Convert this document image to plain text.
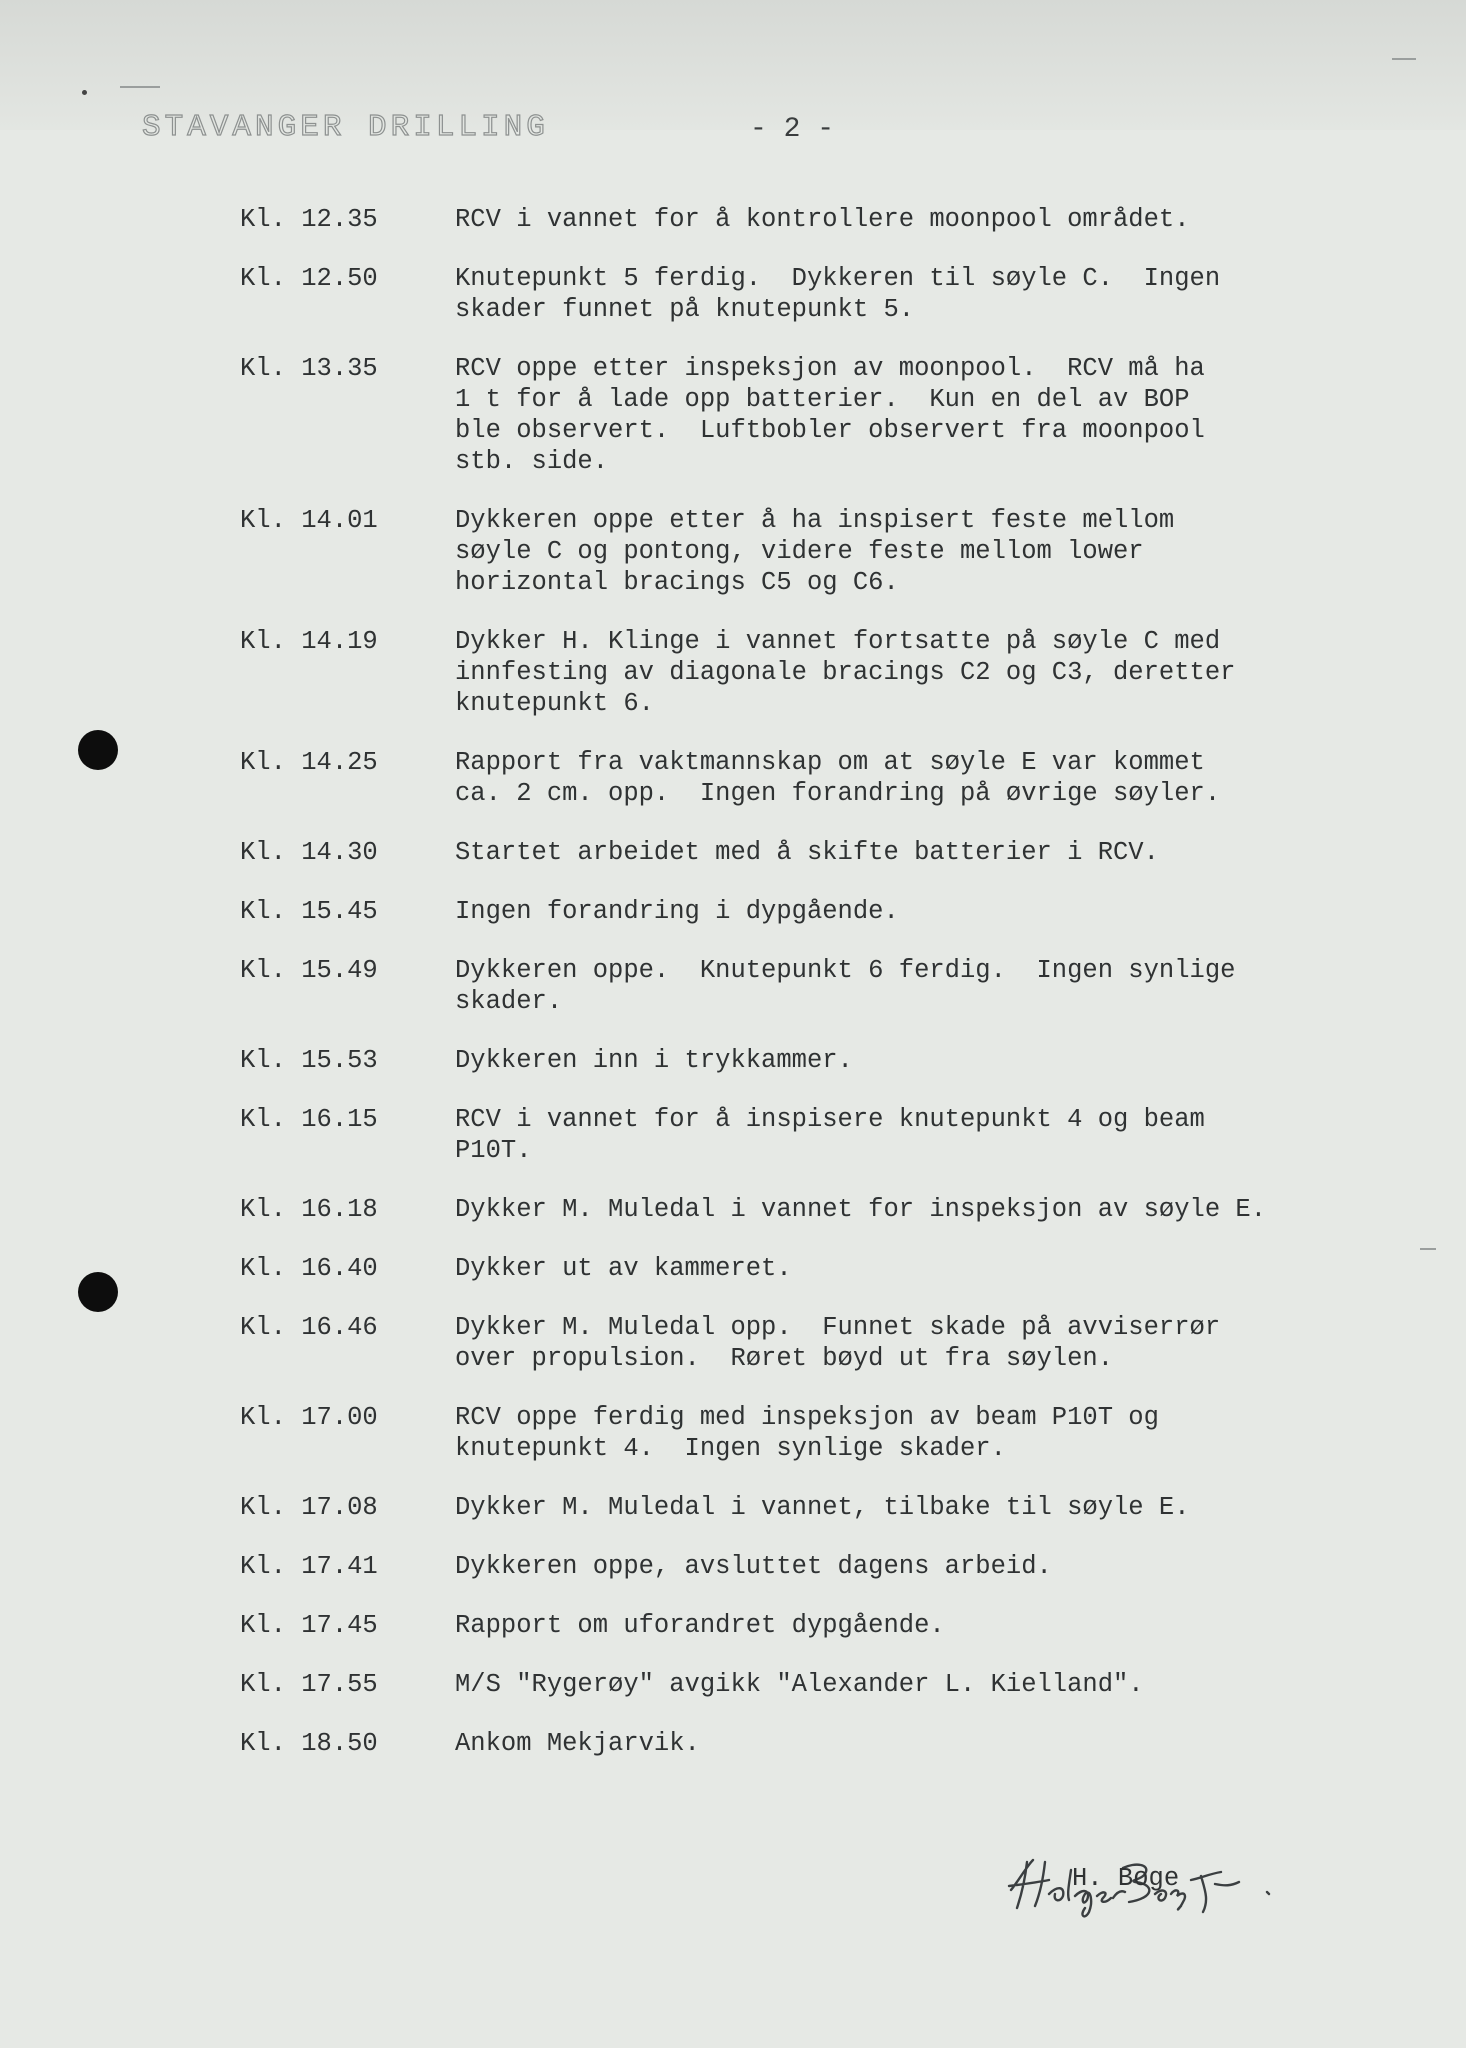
STAVANGER DRILLING	- 2 -
Kl. 12.35	RCV i vannet for å kontrollere moonpool området.
Kl. 12.50	Knutepunkt 5 ferdig.  Dykkeren til søyle C.  Ingen
skader funnet på knutepunkt 5.
Kl. 13.35	RCV oppe etter inspeksjon av moonpool.  RCV må ha
1 t for å lade opp batterier.  Kun en del av BOP
ble observert.  Luftbobler observert fra moonpool
stb. side.
Kl. 14.01	Dykkeren oppe etter å ha inspisert feste mellom
søyle C og pontong, videre feste mellom lower
horizontal bracings C5 og C6.
Kl. 14.19	Dykker H. Klinge i vannet fortsatte på søyle C med
innfesting av diagonale bracings C2 og C3, deretter
knutepunkt 6.
Kl. 14.25	Rapport fra vaktmannskap om at søyle E var kommet
ca. 2 cm. opp.  Ingen forandring på øvrige søyler.
Kl. 14.30	Startet arbeidet med å skifte batterier i RCV.
Kl. 15.45	Ingen forandring i dypgående.
Kl. 15.49	Dykkeren oppe.  Knutepunkt 6 ferdig.  Ingen synlige
skader.
Kl. 15.53	Dykkeren inn i trykkammer.
Kl. 16.15	RCV i vannet for å inspisere knutepunkt 4 og beam
P10T.
Kl. 16.18	Dykker M. Muledal i vannet for inspeksjon av søyle E.
Kl. 16.40	Dykker ut av kammeret.
Kl. 16.46	Dykker M. Muledal opp.  Funnet skade på avviserrør
over propulsion.  Røret bøyd ut fra søylen.
Kl. 17.00	RCV oppe ferdig med inspeksjon av beam P10T og
knutepunkt 4.  Ingen synlige skader.
Kl. 17.08	Dykker M. Muledal i vannet, tilbake til søyle E.
Kl. 17.41	Dykkeren oppe, avsluttet dagens arbeid.
Kl. 17.45	Rapport om uforandret dypgående.
Kl. 17.55	M/S "Rygerøy" avgikk "Alexander L. Kielland".
Kl. 18.50	Ankom Mekjarvik.
H. Boge
